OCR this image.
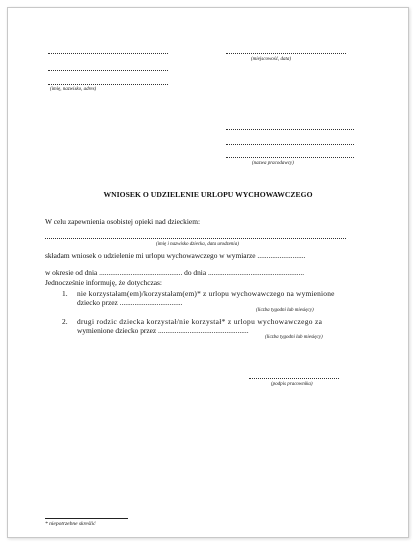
(imię, nazwisko, adres)
(miejscowość, data)
(nazwa pracodawcy)
WNIOSEK O UDZIELENIE URLOPU WYCHOWAWCZEGO
W celu zapewnienia osobistej opieki nad dzieckiem:
(imię i nazwisko dziecka, data urodzenia)
składam wniosek o udzielenie mi urlopu wychowawczego w wymiarze ..........................
w okresie od dnia ............................................. do dnia ....................................................
Jednocześnie informuję, że dotychczas:
1. nie korzystałam(em)/korzystałam(em)* z urlopu wychowawczego na wymienione
dziecko przez ..................................
(liczba tygodni lub miesięcy)
2. drugi rodzic dziecka korzystał/nie korzystał* z urlopu wychowawczego za
wymienione dziecko przez .................................................
(liczba tygodni lub miesięcy)
(podpis pracownika)
* niepotrzebne skreślić
